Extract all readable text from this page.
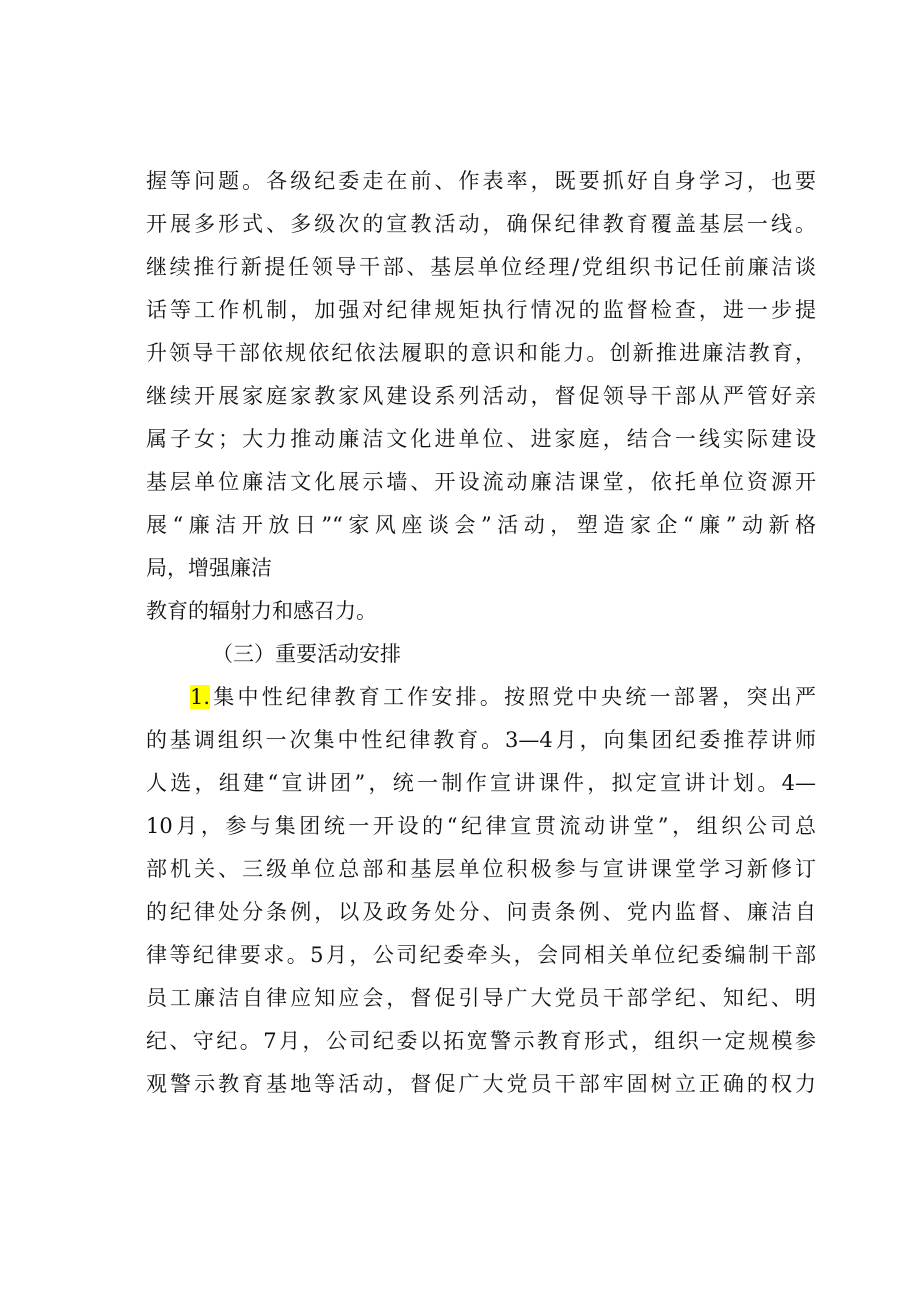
握等问题。各级纪委走在前、作表率，既要抓好自身学习，也要
开展多形式、多级次的宣教活动，确保纪律教育覆盖基层一线。
继续推行新提任领导干部、基层单位经理/党组织书记任前廉洁谈
话等工作机制，加强对纪律规矩执行情况的监督检查，进一步提
升领导干部依规依纪依法履职的意识和能力。创新推进廉洁教育，
继续开展家庭家教家风建设系列活动，督促领导干部从严管好亲
属子女；大力推动廉洁文化进单位、进家庭，结合一线实际建设
基层单位廉洁文化展示墙、开设流动廉洁课堂，依托单位资源开
展“廉洁开放日”“家风座谈会”活动，塑造家企“廉”动新格
局，增强廉洁
教育的辐射力和感召力。
（三）重要活动安排
1.集中性纪律教育工作安排。按照党中央统一部署，突出严
的基调组织一次集中性纪律教育。3—4月，向集团纪委推荐讲师
人选，组建“宣讲团”，统一制作宣讲课件，拟定宣讲计划。4—
10月，参与集团统一开设的“纪律宣贯流动讲堂”，组织公司总
部机关、三级单位总部和基层单位积极参与宣讲课堂学习新修订
的纪律处分条例，以及政务处分、问责条例、党内监督、廉洁自
律等纪律要求。5月，公司纪委牵头，会同相关单位纪委编制干部
员工廉洁自律应知应会，督促引导广大党员干部学纪、知纪、明
纪、守纪。7月，公司纪委以拓宽警示教育形式，组织一定规模参
观警示教育基地等活动，督促广大党员干部牢固树立正确的权力
